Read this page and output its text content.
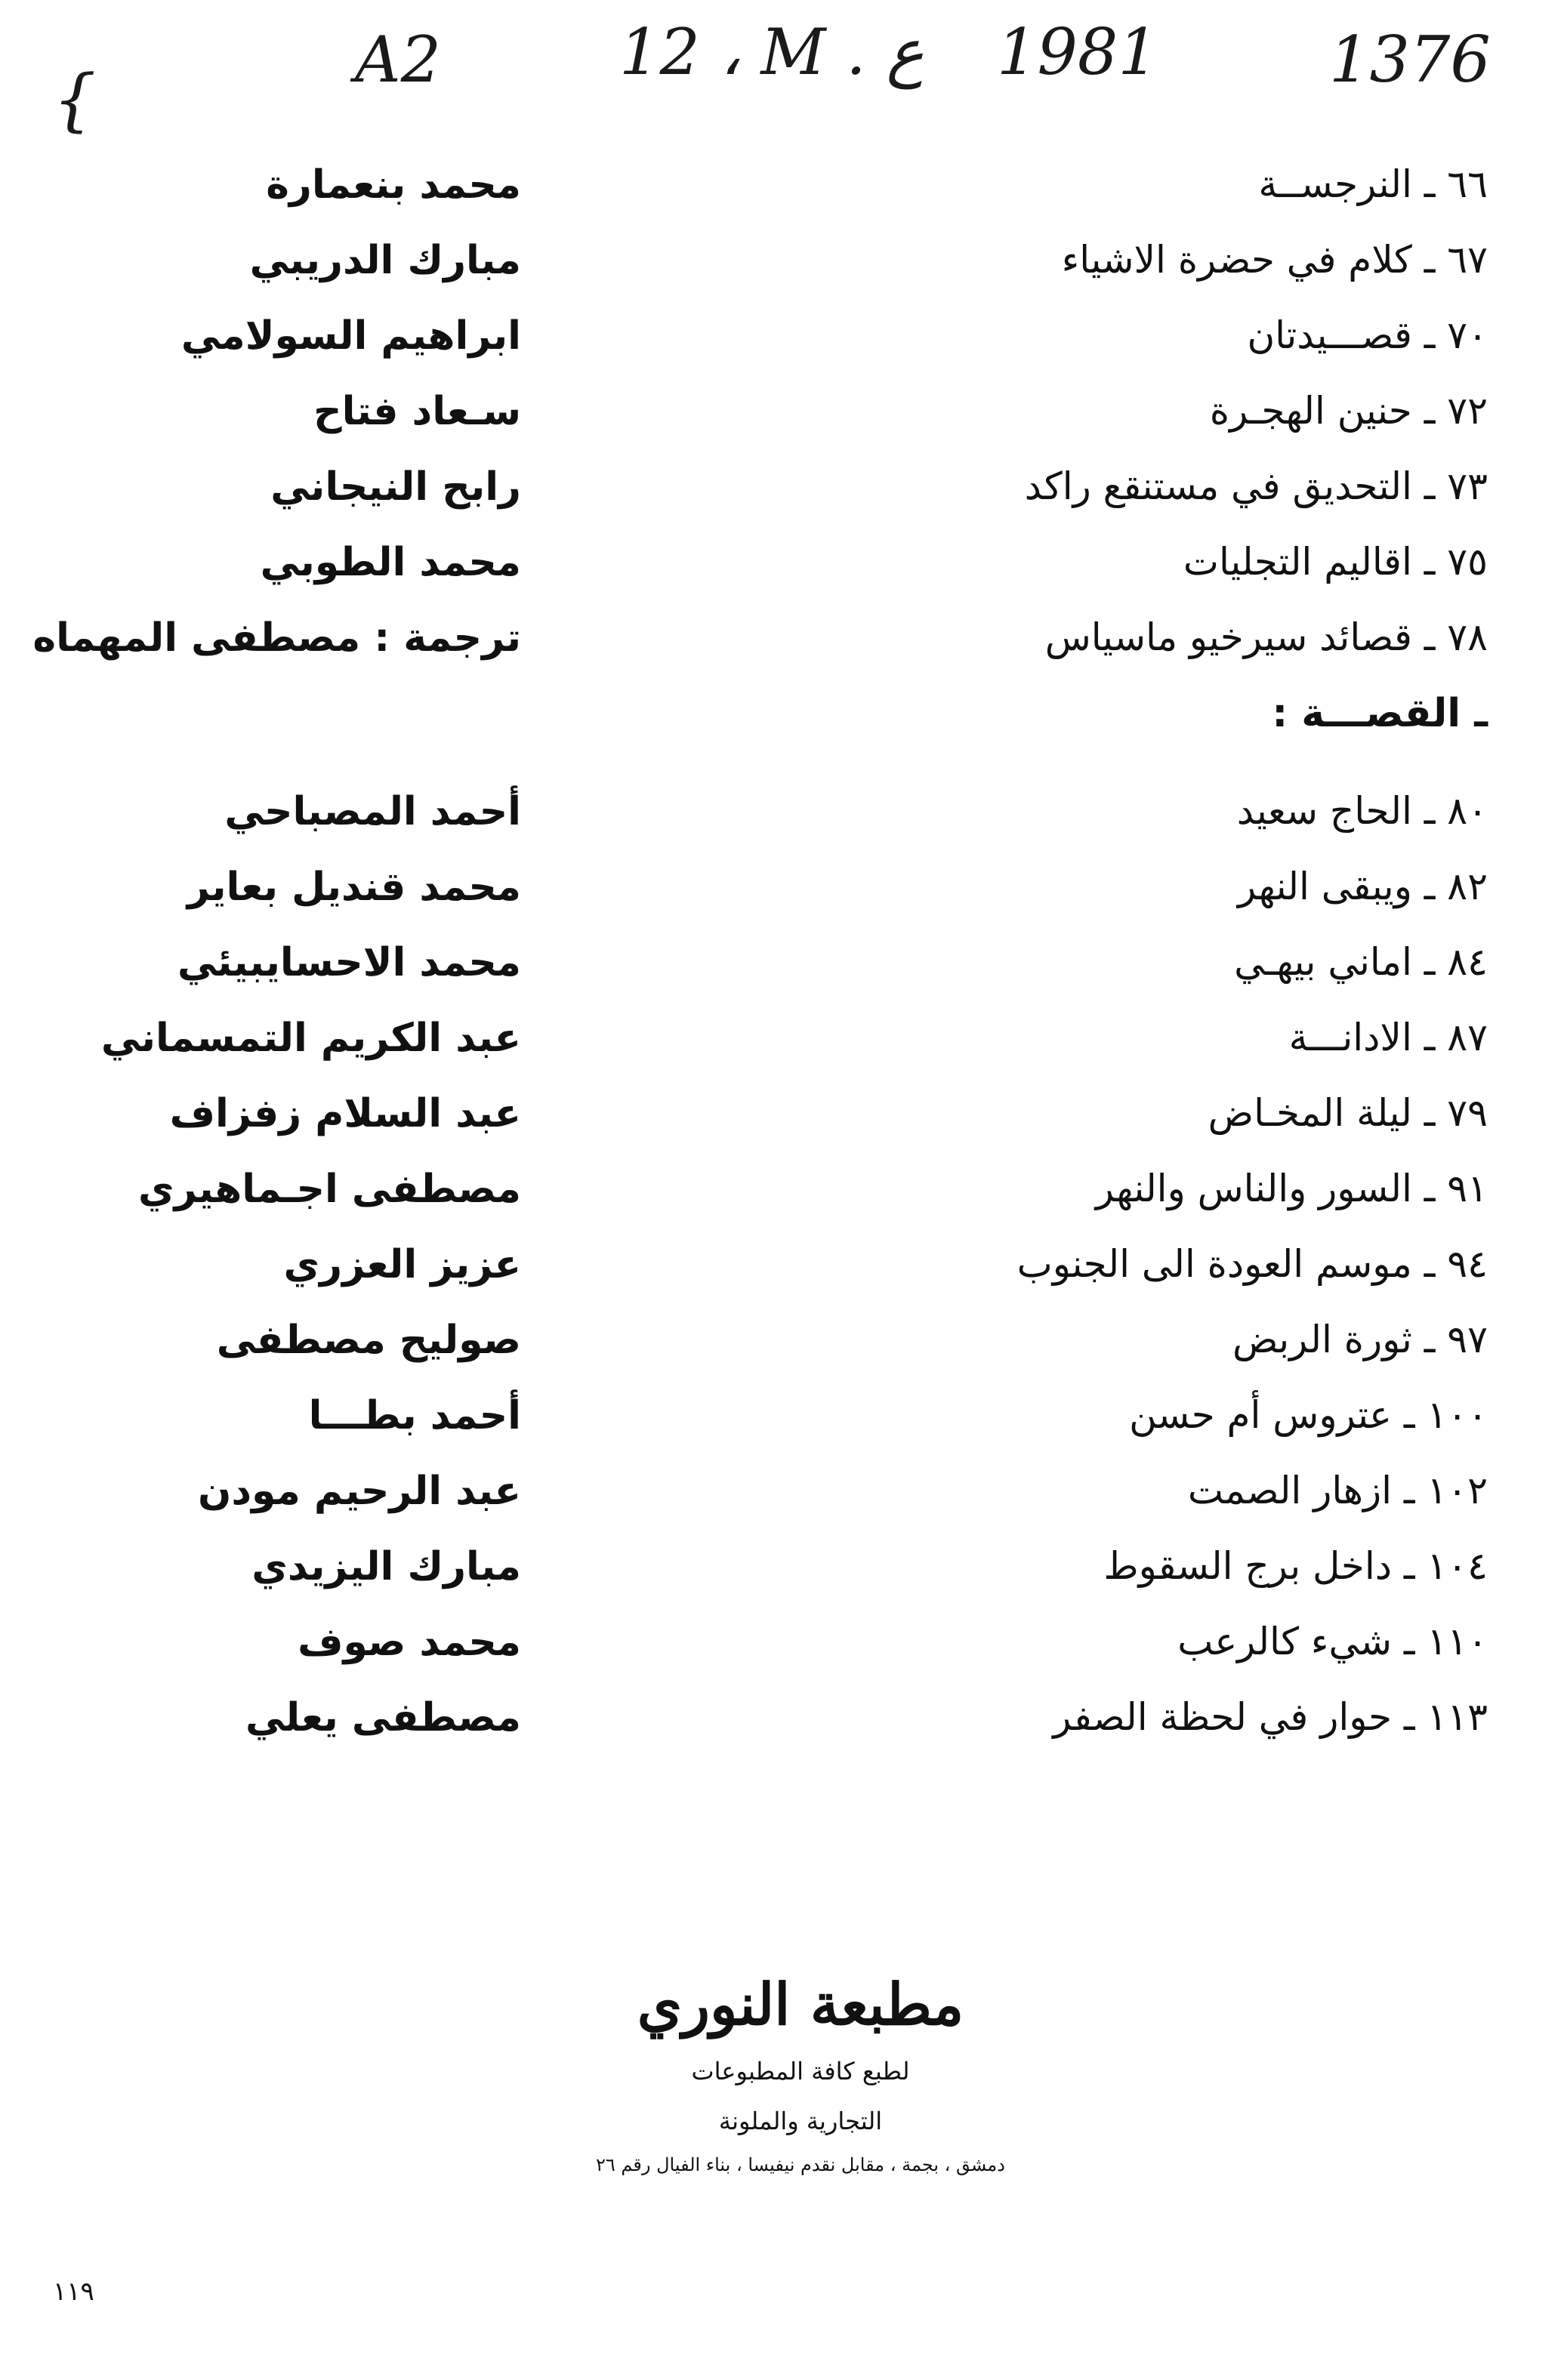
A2	12 ، M . ع 1981	1376
{
٦٦ ـ النرجســة
محمد بنعمارة
٦٧ ـ كلام في حضرة الاشياء
مبارك الدريبي
٧٠ ـ قصـــيدتان
ابراهيم السولامي
٧٢ ـ حنين الهجـرة
سـعاد فتاح
٧٣ ـ التحديق في مستنقع راكد
رابح النيجاني
٧٥ ـ اقاليم التجليات
محمد الطوبي
٧٨ ـ قصائد سيرخيو ماسياس
ترجمة : مصطفى المهماه
ـ القصـــة :
٨٠ ـ الحاج سعيد
أحمد المصباحي
٨٢ ـ ويبقى النهر
محمد قنديل بعاير
٨٤ ـ اماني بيهـي
محمد الاحسايبيئي
٨٧ ـ الادانـــة
عبد الكريم التمسماني
٧٩ ـ ليلة المخـاض
عبد السلام زفزاف
٩١ ـ السور والناس والنهر
مصطفى اجـماهيري
٩٤ ـ موسم العودة الى الجنوب
عزيز العزري
٩٧ ـ ثورة الربض
صوليح مصطفى
١٠٠ ـ عتروس أم حسن
أحمد بطـــا
١٠٢ ـ ازهار الصمت
عبد الرحيم مودن
١٠٤ ـ داخل برج السقوط
مبارك اليزيدي
١١٠ ـ شيء كالرعب
محمد صوف
١١٣ ـ حوار في لحظة الصفر
مصطفى يعلي
مطبعة النوري
لطبع كافة المطبوعات
التجارية والملونة
دمشق ، بجمة ، مقابل نقدم نيفيسا ، بناء الفيال رقم ٢٦
١١٩
